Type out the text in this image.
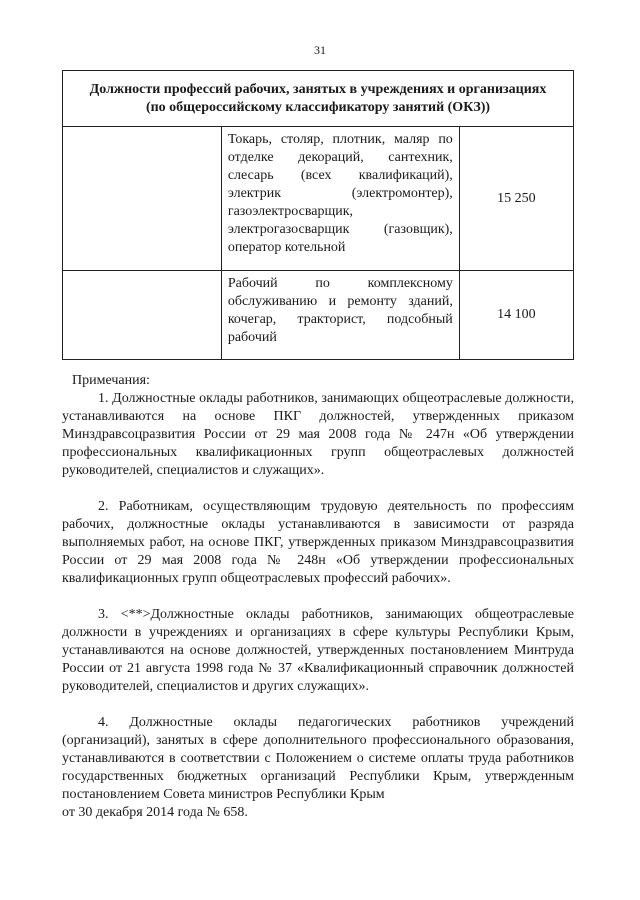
31
Должности профессий рабочих, занятых в учреждениях и организациях (по общероссийскому классификатору занятий (ОКЗ))		
	Токарь, столяр, плотник, маляр по отделке декораций, сантехник, слесарь (всех квалификаций), электрик (электромонтер), газоэлектросварщик, электрогазосварщик (газовщик), оператор котельной	15 250
	Рабочий по комплексному обслуживанию и ремонту зданий, кочегар, тракторист, подсобный рабочий	14 100

Примечания:

1. Должностные оклады работников, занимающих общеотраслевые должности, устанавливаются на основе ПКГ должностей, утвержденных приказом Минздравсоцразвития России от 29 мая 2008 года № 247н «Об утверждении профессиональных квалификационных групп общеотраслевых должностей руководителей, специалистов и служащих».

2. Работникам, осуществляющим трудовую деятельность по профессиям рабочих, должностные оклады устанавливаются в зависимости от разряда выполняемых работ, на основе ПКГ, утвержденных приказом Минздравсоцразвития России от 29 мая 2008 года № 248н «Об утверждении профессиональных квалификационных групп общеотраслевых профессий рабочих».

3. <**>Должностные оклады работников, занимающих общеотраслевые должности в учреждениях и организациях в сфере культуры Республики Крым, устанавливаются на основе должностей, утвержденных постановлением Минтруда России от 21 августа 1998 года № 37 «Квалификационный справочник должностей руководителей, специалистов и других служащих».

4. Должностные оклады педагогических работников учреждений (организаций), занятых в сфере дополнительного профессионального образования, устанавливаются в соответствии с Положением о системе оплаты труда работников государственных бюджетных организаций Республики Крым, утвержденным постановлением Совета министров Республики Крым

от 30 декабря 2014 года № 658.
